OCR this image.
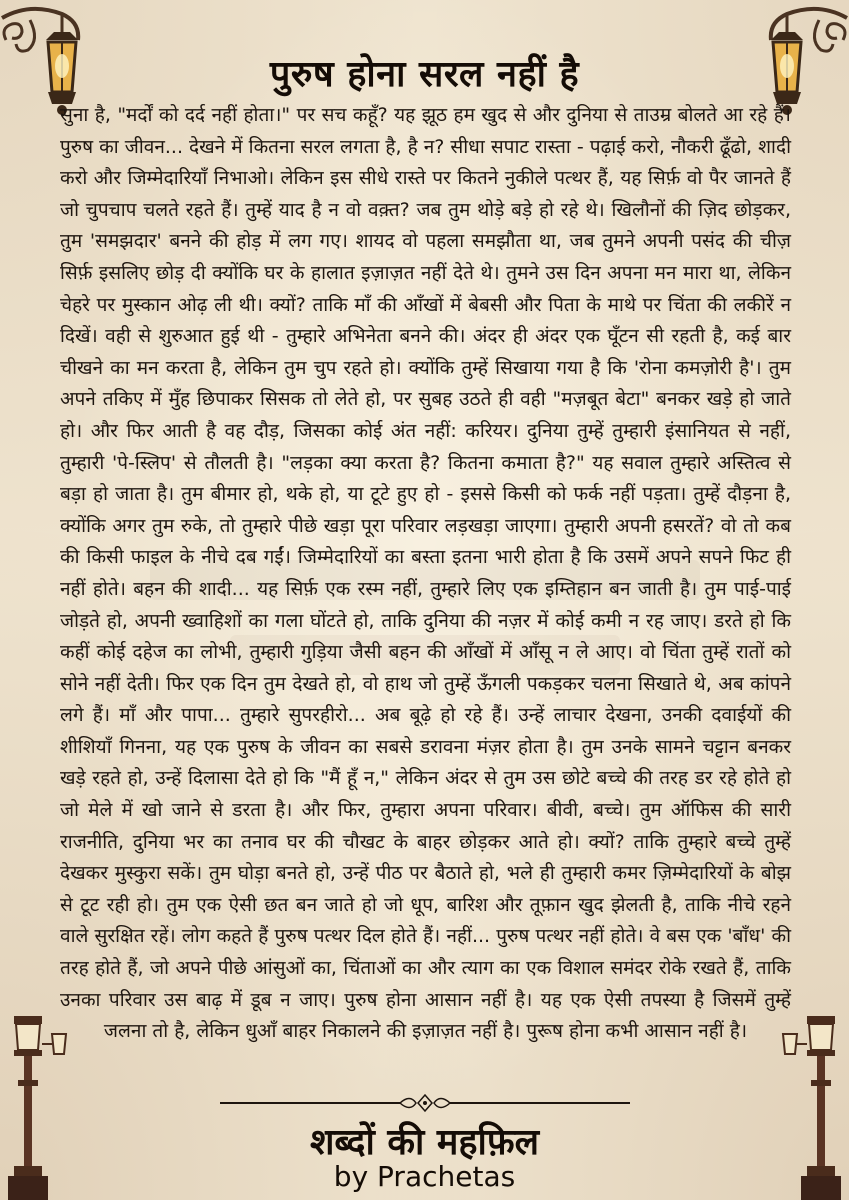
पुरुष होना सरल नहीं है
सुना है, "मर्दों को दर्द नहीं होता।" पर सच कहूँ? यह झूठ हम खुद से और दुनिया से ताउम्र बोलते आ रहे हैं। पुरुष का जीवन... देखने में कितना सरल लगता है, है न? सीधा सपाट रास्ता - पढ़ाई करो, नौकरी ढूँढो, शादी करो और जिम्मेदारियाँ निभाओ। लेकिन इस सीधे रास्ते पर कितने नुकीले पत्थर हैं, यह सिर्फ़ वो पैर जानते हैं जो चुपचाप चलते रहते हैं। तुम्हें याद है न वो वक़्त? जब तुम थोड़े बड़े हो रहे थे। खिलौनों की ज़िद छोड़कर, तुम 'समझदार' बनने की होड़ में लग गए। शायद वो पहला समझौता था, जब तुमने अपनी पसंद की चीज़ सिर्फ़ इसलिए छोड़ दी क्योंकि घर के हालात इज़ाज़त नहीं देते थे। तुमने उस दिन अपना मन मारा था, लेकिन चेहरे पर मुस्कान ओढ़ ली थी। क्यों? ताकि माँ की आँखों में बेबसी और पिता के माथे पर चिंता की लकीरें न दिखें। वही से शुरुआत हुई थी - तुम्हारे अभिनेता बनने की। अंदर ही अंदर एक घूँटन सी रहती है, कई बार चीखने का मन करता है, लेकिन तुम चुप रहते हो। क्योंकि तुम्हें सिखाया गया है कि 'रोना कमज़ोरी है'। तुम अपने तकिए में मुँह छिपाकर सिसक तो लेते हो, पर सुबह उठते ही वही "मज़बूत बेटा" बनकर खड़े हो जाते हो। और फिर आती है वह दौड़, जिसका कोई अंत नहीं: करियर। दुनिया तुम्हें तुम्हारी इंसानियत से नहीं, तुम्हारी 'पे-स्लिप' से तौलती है। "लड़का क्या करता है? कितना कमाता है?" यह सवाल तुम्हारे अस्तित्व से बड़ा हो जाता है। तुम बीमार हो, थके हो, या टूटे हुए हो - इससे किसी को फर्क नहीं पड़ता। तुम्हें दौड़ना है, क्योंकि अगर तुम रुके, तो तुम्हारे पीछे खड़ा पूरा परिवार लड़खड़ा जाएगा। तुम्हारी अपनी हसरतें? वो तो कब की किसी फाइल के नीचे दब गईं। जिम्मेदारियों का बस्ता इतना भारी होता है कि उसमें अपने सपने फिट ही नहीं होते। बहन की शादी... यह सिर्फ़ एक रस्म नहीं, तुम्हारे लिए एक इम्तिहान बन जाती है। तुम पाई-पाई जोड़ते हो, अपनी ख्वाहिशों का गला घोंटते हो, ताकि दुनिया की नज़र में कोई कमी न रह जाए। डरते हो कि कहीं कोई दहेज का लोभी, तुम्हारी गुड़िया जैसी बहन की आँखों में आँसू न ले आए। वो चिंता तुम्हें रातों को सोने नहीं देती। फिर एक दिन तुम देखते हो, वो हाथ जो तुम्हें ऊँगली पकड़कर चलना सिखाते थे, अब कांपने लगे हैं। माँ और पापा... तुम्हारे सुपरहीरो... अब बूढ़े हो रहे हैं। उन्हें लाचार देखना, उनकी दवाईयों की शीशियाँ गिनना, यह एक पुरुष के जीवन का सबसे डरावना मंज़र होता है। तुम उनके सामने चट्टान बनकर खड़े रहते हो, उन्हें दिलासा देते हो कि "मैं हूँ न," लेकिन अंदर से तुम उस छोटे बच्चे की तरह डर रहे होते हो जो मेले में खो जाने से डरता है। और फिर, तुम्हारा अपना परिवार। बीवी, बच्चे। तुम ऑफिस की सारी राजनीति, दुनिया भर का तनाव घर की चौखट के बाहर छोड़कर आते हो। क्यों? ताकि तुम्हारे बच्चे तुम्हें देखकर मुस्कुरा सकें। तुम घोड़ा बनते हो, उन्हें पीठ पर बैठाते हो, भले ही तुम्हारी कमर ज़िम्मेदारियों के बोझ से टूट रही हो। तुम एक ऐसी छत बन जाते हो जो धूप, बारिश और तूफ़ान खुद झेलती है, ताकि नीचे रहने वाले सुरक्षित रहें। लोग कहते हैं पुरुष पत्थर दिल होते हैं। नहीं... पुरुष पत्थर नहीं होते। वे बस एक 'बाँध' की तरह होते हैं, जो अपने पीछे आंसुओं का, चिंताओं का और त्याग का एक विशाल समंदर रोके रखते हैं, ताकि उनका परिवार उस बाढ़ में डूब न जाए। पुरुष होना आसान नहीं है। यह एक ऐसी तपस्या है जिसमें तुम्हें जलना तो है, लेकिन धुआँ बाहर निकालने की इज़ाज़त नहीं है। पुरूष होना कभी आसान नहीं है।
शब्दों की महफ़िल
by Prachetas
